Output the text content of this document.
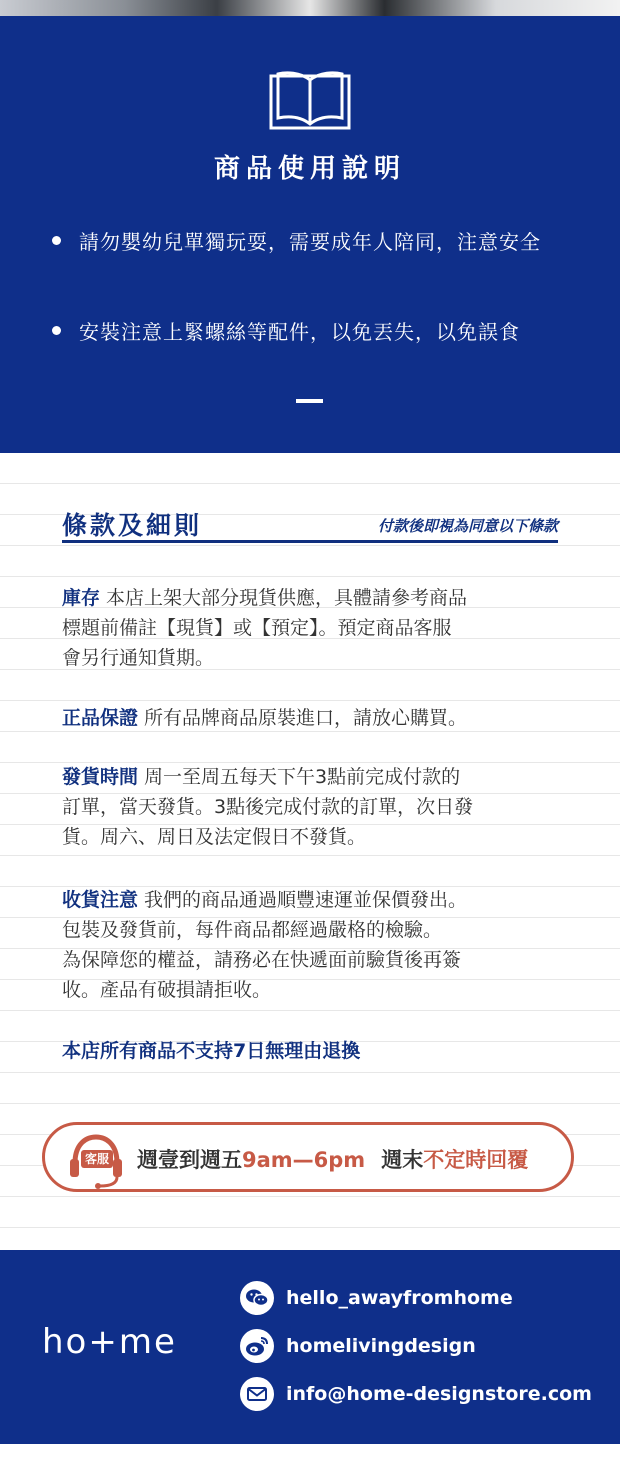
商品使用說明
請勿嬰幼兒單獨玩耍，需要成年人陪同，注意安全
安裝注意上緊螺絲等配件，以免丟失，以免誤食
條款及細則	付款後即視為同意以下條款
庫存 本店上架大部分現貨供應，具體請參考商品
標題前備註【現貨】或【預定】。預定商品客服
會另行通知貨期。
正品保證 所有品牌商品原裝進口，請放心購買。
發貨時間 周一至周五每天下午3點前完成付款的
訂單，當天發貨。3點後完成付款的訂單，次日發
貨。周六、周日及法定假日不發貨。
收貨注意 我們的商品通過順豐速運並保價發出。
包裝及發貨前，每件商品都經過嚴格的檢驗。
為保障您的權益，請務必在快遞面前驗貨後再簽
收。產品有破損請拒收。
本店所有商品不支持7日無理由退換
客服 週壹到週五9am—6pm 週末不定時回覆
ho+me
hello_awayfromhome
homelivingdesign
info@home-designstore.com
